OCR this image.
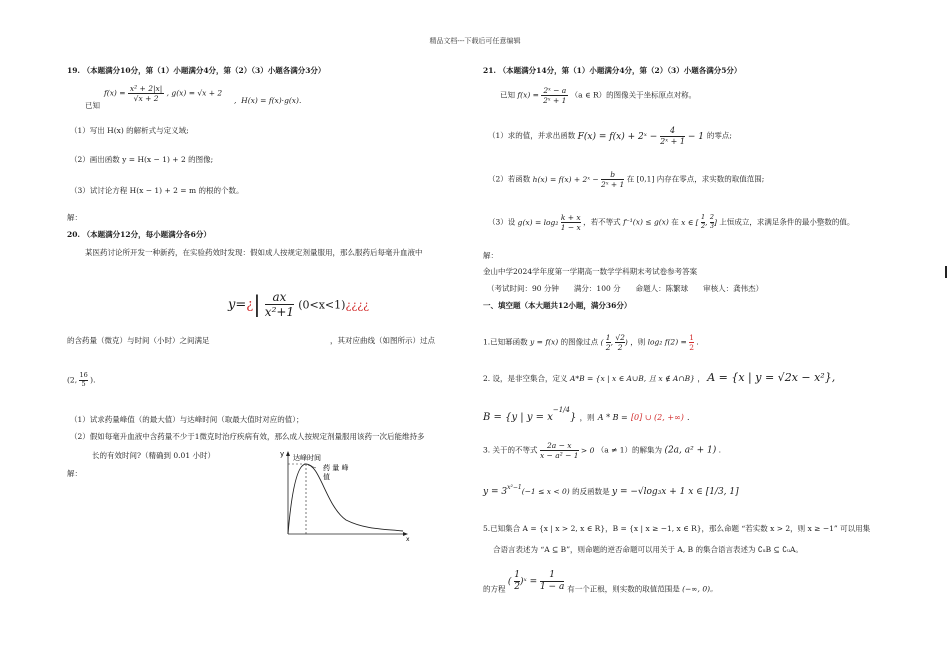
精品文档---下载后可任意编辑
19. （本题满分10分，第（1）小题满分4分，第（2）（3）小题各满分3分）
已知
$f(x) = \frac{\text{x² + 2|x|}}{√x + 2}$ , g(x) = √x + 2
,  H(x) = f(x)·g(x).
（1）写出 H(x) 的解析式与定义域;
（2）画出函数 y = H(x − 1) + 2 的图像;
（3）试讨论方程 H(x − 1) + 2 = m 的根的个数。
解：
20. （本题满分12分，每小题满分各6分）
某医药讨论所开发一种新药，在实验药效时发现：假如成人按规定剂量服用，那么服药后每毫升血液中
y=¿| $\frac{ax}{\text{x²+1}}$ (0<x<1)¿¿¿¿
的含药量（微克）与时间（小时）之间满足	，其对应曲线（如图所示）过点
(2, $\frac{16}{5}$ ).
（1）试求药量峰值（的最大值）与达峰时间（取最大值时对应的值）；
（2）假如每毫升血液中含药量不少于1微克时治疗疾病有效，那么成人按规定剂量服用该药一次后能维持多
长的有效时间?（精确到 0.01 小时）
解：
y
x
达峰时间
药 量 峰
值
21. （本题满分14分，第（1）小题满分4分，第（2）（3）小题各满分5分）
已知 $f(x) = \frac{\text{2ˣ − a}}{\text{2ˣ + 1}} (a$ ∈ R）的图像关于坐标原点对称。
（1）求的值，并求出函数 F(x) = f(x) + 2ˣ − $\frac{4}{\text{2ˣ + 1}} - 1$ 的零点;
（2）若函数 h(x) = f(x) + 2ˣ − $\frac{b}{\text{2ˣ + 1}}$ 在 [0,1] 内存在零点，求实数的取值范围;
（3）设 $g(x) = \log_2 \frac{k + x}{1 - x}$ ，若不等式 f⁻¹(x) ≤ g(x) 在 x ∈ [ $\frac{1}{2}$ , $\frac{2}{3}$ ] 上恒成立，求满足条件的最小整数的值。
解：
金山中学2024学年度第一学期高一数学学科期末考试卷参考答案
（考试时间：90 分钟　　满分：100 分　　命题人：陈繁球　　审核人：龚伟杰）
一、填空题（本大题共12小题，满分36分）
1.已知幂函数 y = f(x) 的图像过点 ( $\frac{1}{2}$ , $\frac{√2}{2}$ ) ，则 log₂ $f(2) = \frac{1}{2}$ .
2. 设，是非空集合，定义 A*B = {x | x ∈ A∪B, 且 x ∉ A∩B} ， A = {x | y = √2x − x²},
B = {y | $y = x^{-1/4}$} ，则 A * B = [0] ∪ (2, +∞) .
3. 关于的不等式 $\frac{2a - x}{\text{x − a² − 1}} > 0$ （a ≠ 1）的解集为 (2a, a² + 1) .
$y = 3^{x^2-1}(-1 \le x < 0)$ 的反函数是 y = −√log₃x + 1 x ∈ [1/3, 1]
5.已知集合 A = {x | x > 2, x ∈ R}，B = {x | x ≥ −1, x ∈ R}，那么命题 “若实数 x > 2，则 x ≥ −1” 可以用集
合语言表述为 “A ⊆ B”，则命题的逆否命题可以用关于 A, B 的集合语言表述为 ∁ᵤB ⊆ ∁ᵤA。
的方程 ( $\frac{1}{2}$ )ˣ = $\frac{1}{1 - a}$ 有一个正根，则实数的取值范围是 (−∞, 0)。
